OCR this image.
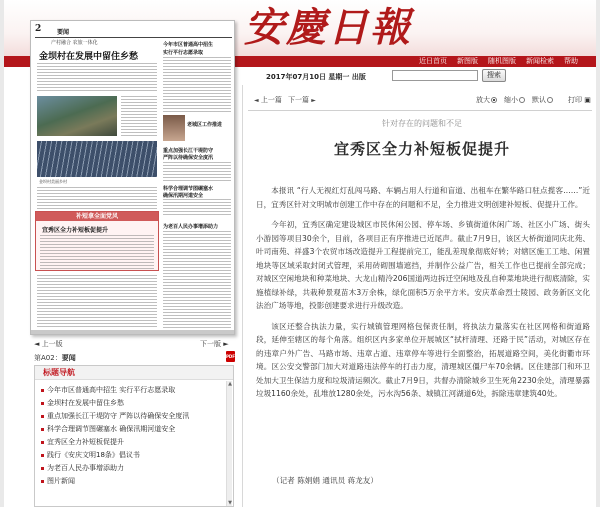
安慶日報
近日首页 新图版 随机图版 新闻检索 帮助
2017年07月10日 星期一 出版	搜索
2	要闻
产村融合 农旅一体化
金坝村在发展中留住乡愁
金坝村美丽乡村
今年市区普通高中招生
实行平行志愿录取
老城区工作推进
重点加强长江干堤防守
严阵以待确保安全度汛
科学合理调节图碾塞水
确保汛期河道安全
补短拿全面党风
宜秀区全力补短板促提升	为老百人民办事增添助力
◄ 上一版	下一版 ►
第A02：要闻	PDF
标题导航
今年市区普通高中招生 实行平行志愿录取
金坝村在发展中留住乡愁
重点加强长江干堤防守 严阵以待确保安全度汛
科学合理调节图碾塞水 确保汛期河道安全
宜秀区全力补短板促提升
践行《安庆文明18条》倡议书
为老百人民办事增添助力
图片新闻
▲
▼
◄ 上一篇 下一篇 ►	放大	缩小	默认	打印 ▣
针对存在的问题和不足
宜秀区全力补短板促提升

本报讯 “行人无视红灯乱闯马路、车辆占用人行道和盲道、出租车在繁华路口驻点揽客……”近日，宜秀区针对文明城市创建工作中存在的问题和不足，全力推进文明创建补短板、促提升工作。

今年初，宜秀区确定建设城区市民休闲公园、停车场、乡镇街道休闲广场、社区小广场、街头小游园等项目30余个，目前，各项目正有序推进已近尾声。截止7月9日，该区大桥街道同庆北苑、叶司南苑、祥盛3个农贸市场改造提升工程提前完工，能乱差现象彻底好转；对辖区施工工地、闲置地块等区域采取封闭式管理，采用砖砌围墙遮挡，并制作公益广告，相关工作也已提前全部完成；对城区空闲地块和种菜地块、大龙山精泠206国道两边拆迁空闲地及乱自种菜地块进行彻底清除，实施植绿补绿，共栽种景观苗木3万余株，绿化面积5万余平方米。安庆革命烈士陵园、政务新区文化法治广场等地，投影创建要求进行升级改造。

该区还整合执法力量，实行城镇管理网格包保责任制，将执法力量落实在社区网格和街道路段，延伸至辖区的每个角落。组织区内多家单位开展城区“拭杆清理、还路于民”活动，对城区存在的违章户外广告、马路市场、违章占道、违章停车等进行全面整治，拓展道路空间，美化街衢市环境。区公安交警部门加大对道路违法停车的打击力度，清理城区僵尸车70余辆。区住建部门和环卫处加大卫生保洁力度和垃圾清运频次。截止7月9日，共督办清除城乡卫生死角2230余处，清理暴露垃圾1160余处，乱堆放1280余处，污水沟56条、城镇江河湖道6处，拆除违章建筑40处。

（记者 陈娟娟 通讯员 蒋龙友）
